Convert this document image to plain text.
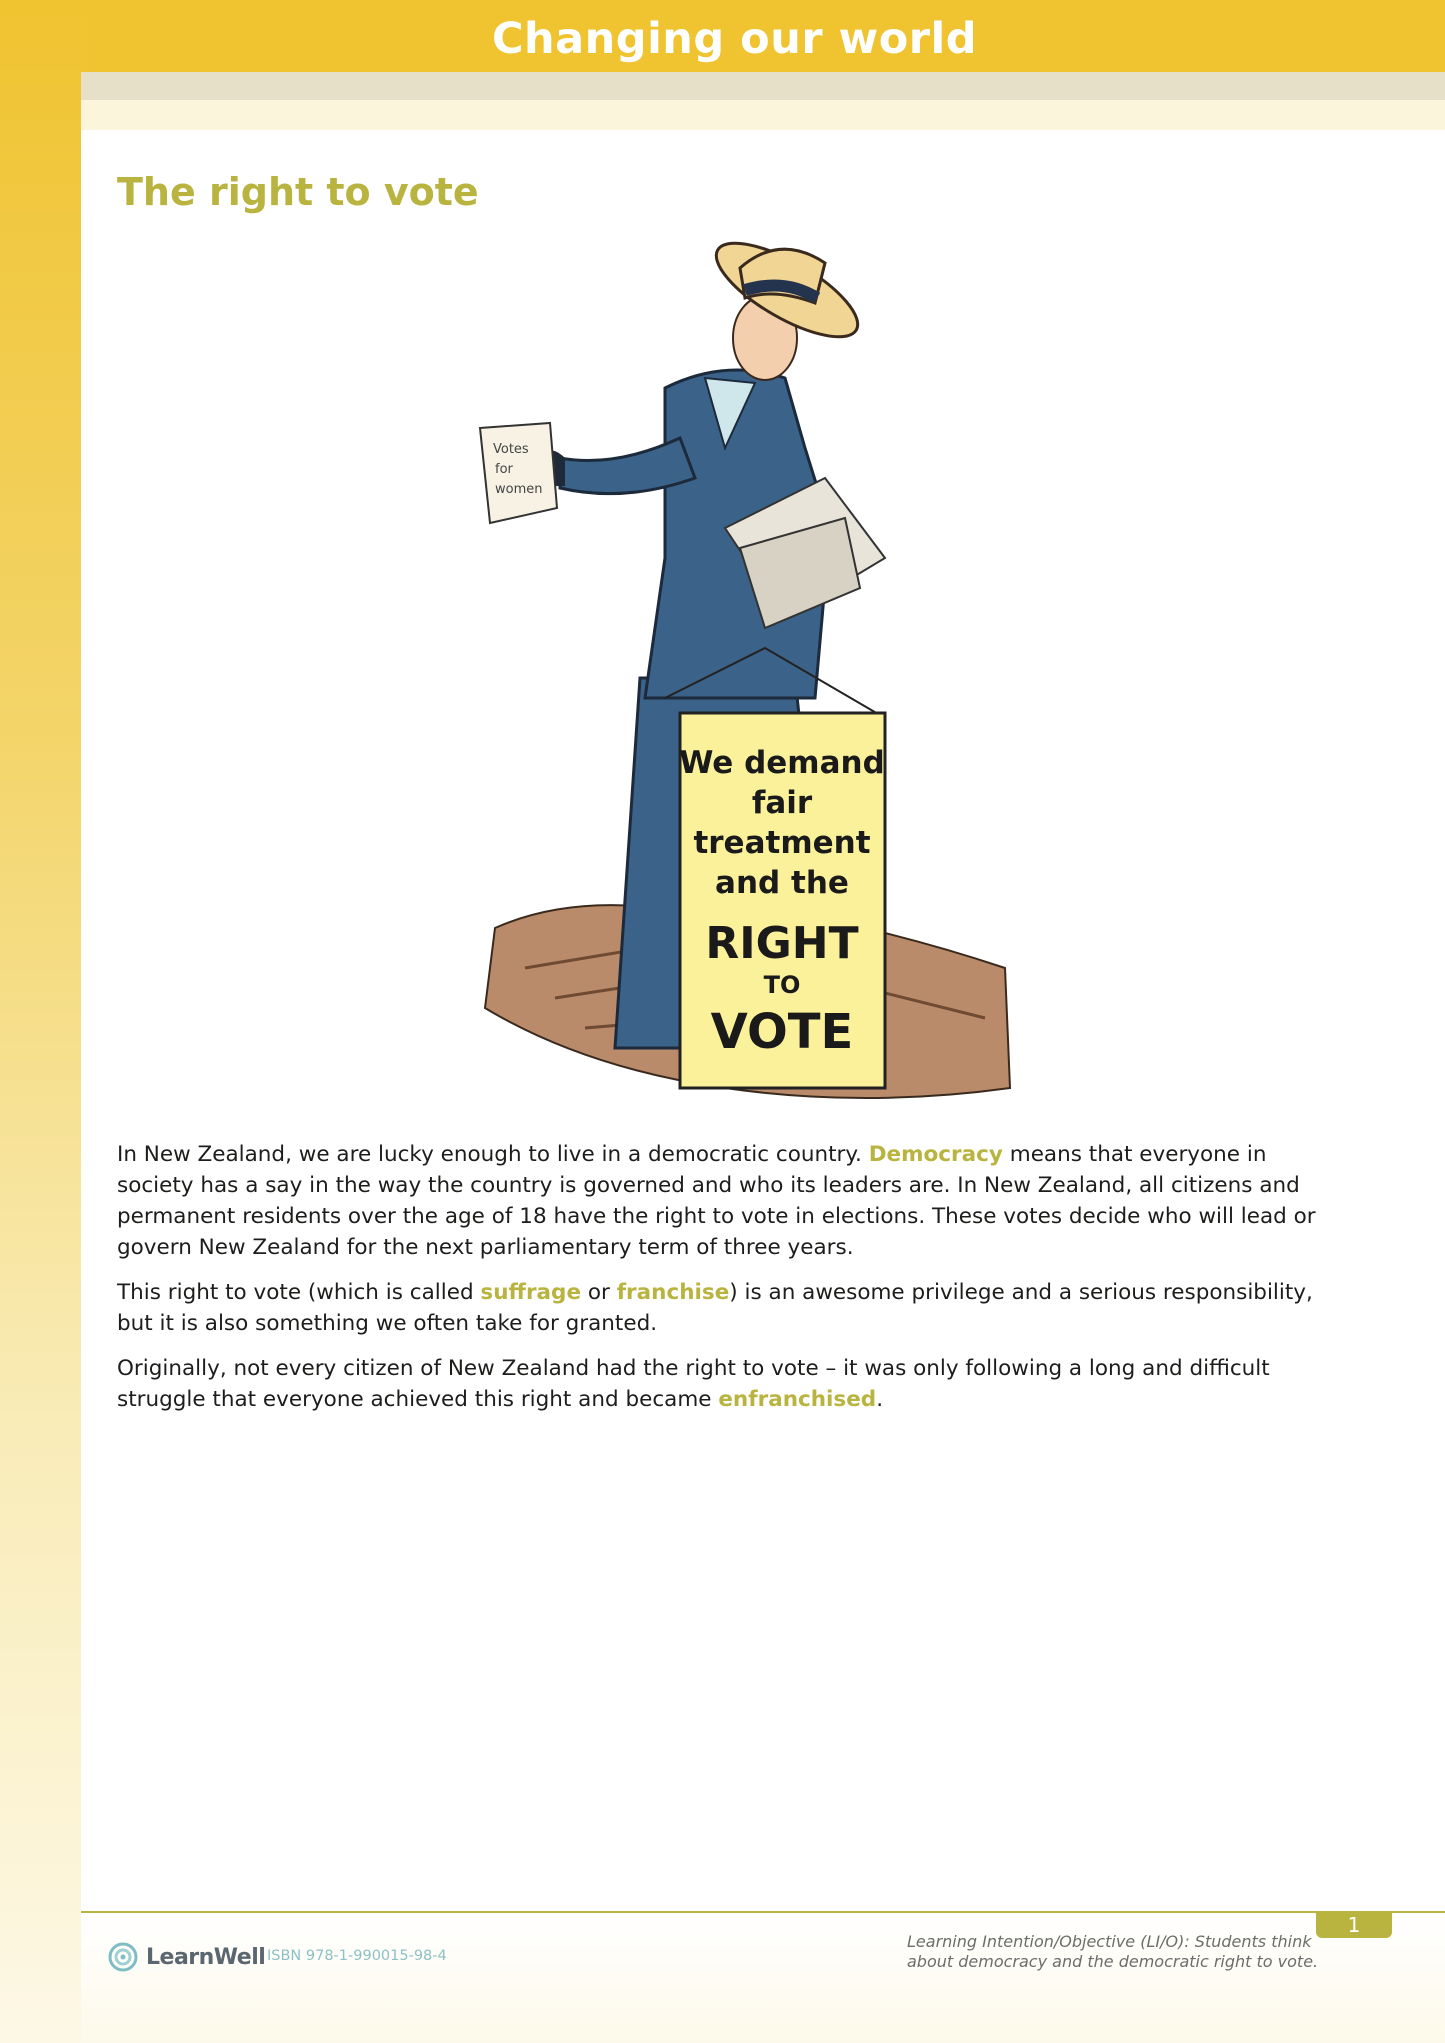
Changing our world
The right to vote
Votes
for
women
We demand
fair
treatment
and the
RIGHT
TO
VOTE

In New Zealand, we are lucky enough to live in a democratic country. Democracy means that everyone in society has a say in the way the country is governed and who its leaders are. In New Zealand, all citizens and permanent residents over the age of 18 have the right to vote in elections. These votes decide who will lead or govern New Zealand for the next parliamentary term of three years.

This right to vote (which is called suffrage or franchise) is an awesome privilege and a serious responsibility, but it is also something we often take for granted.

Originally, not every citizen of New Zealand had the right to vote – it was only following a long and difficult struggle that everyone achieved this right and became enfranchised.

1
LearnWell ISBN 978-1-990015-98-4
Learning Intention/Objective (LI/O): Students think about democracy and the democratic right to vote.
